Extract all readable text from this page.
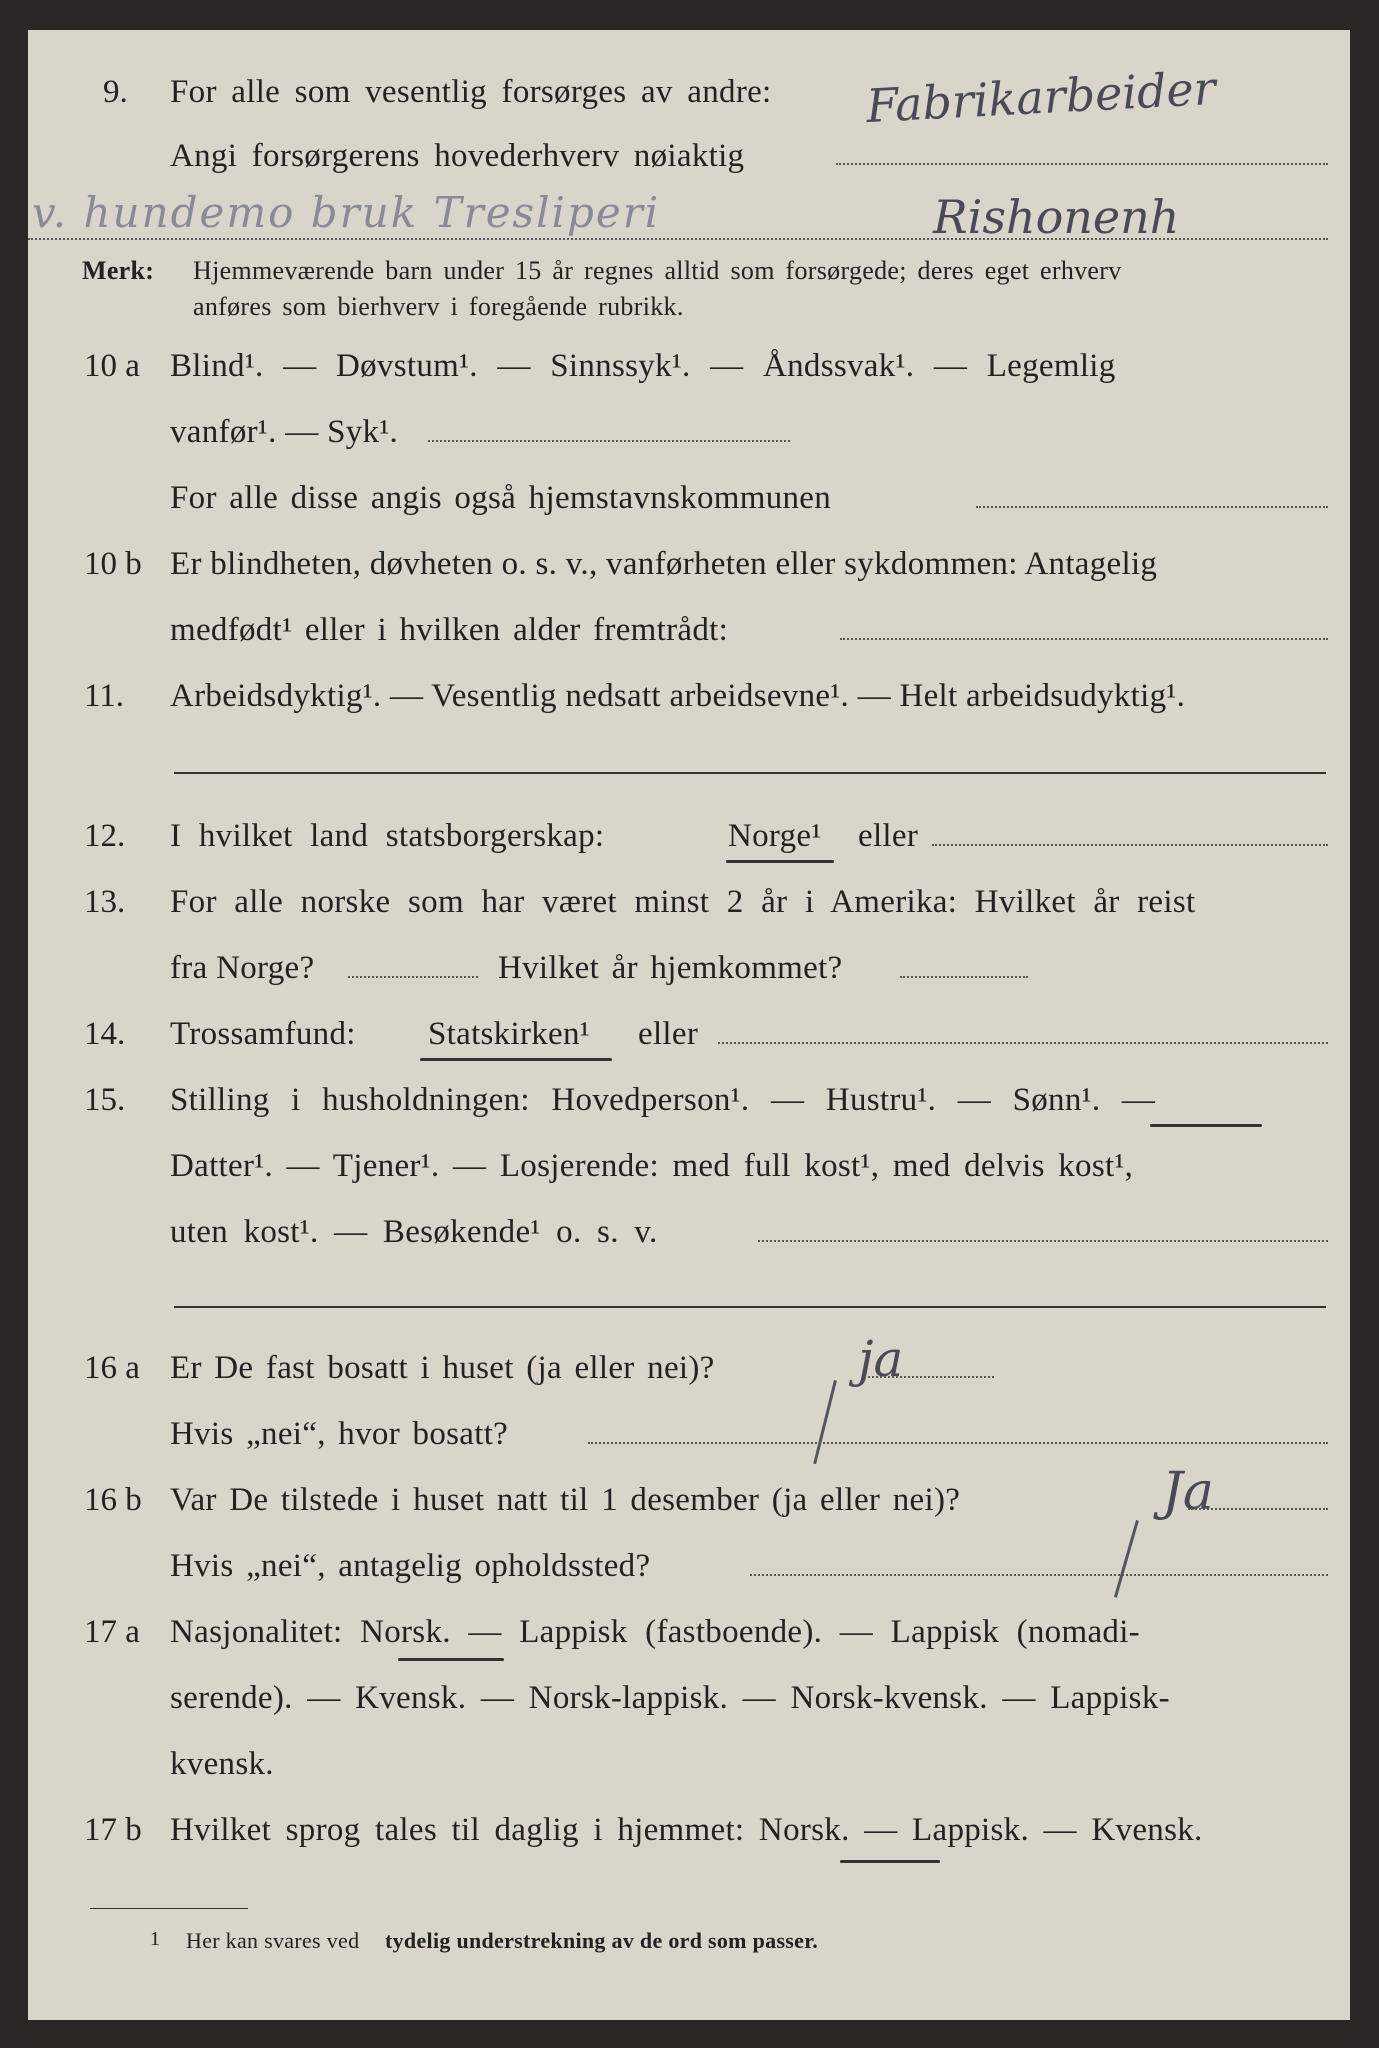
9. For alle som vesentlig forsørges av andre: Fabrikarbeider
Angi forsørgerens hovederhverv nøiaktig
v. hundemo bruk Tresliperi	Rishonenh
Merk: Hjemmeværende barn under 15 år regnes alltid som forsørgede; deres eget erhverv
anføres som bierhverv i foregående rubrikk.
10 a Blind¹. — Døvstum¹. — Sinnssyk¹. — Åndssvak¹. — Legemlig
vanfør¹. — Syk¹.
For alle disse angis også hjemstavnskommunen
10 b Er blindheten, døvheten o. s. v., vanførheten eller sykdommen: Antagelig
medfødt¹ eller i hvilken alder fremtrådt:
11. Arbeidsdyktig¹. — Vesentlig nedsatt arbeidsevne¹. — Helt arbeidsudyktig¹.
12. I hvilket land statsborgerskap:	Norge¹ eller
13. For alle norske som har været minst 2 år i Amerika: Hvilket år reist
fra Norge?	Hvilket år hjemkommet?
14. Trossamfund: Statskirken¹ eller
15. Stilling i husholdningen: Hovedperson¹. — Hustru¹. — Sønn¹. —
Datter¹. — Tjener¹. — Losjerende: med full kost¹, med delvis kost¹,
uten kost¹. — Besøkende¹ o. s. v.
16 a Er De fast bosatt i huset (ja eller nei)?	ja
Hvis „nei“, hvor bosatt?
16 b Var De tilstede i huset natt til 1 desember (ja eller nei)?	Ja
Hvis „nei“, antagelig opholdssted?
17 a Nasjonalitet: Norsk. — Lappisk (fastboende). — Lappisk (nomadi-
serende). — Kvensk. — Norsk-lappisk. — Norsk-kvensk. — Lappisk-
kvensk.
17 b Hvilket sprog tales til daglig i hjemmet: Norsk. — Lappisk. — Kvensk.
1 Her kan svares ved tydelig understrekning av de ord som passer.
